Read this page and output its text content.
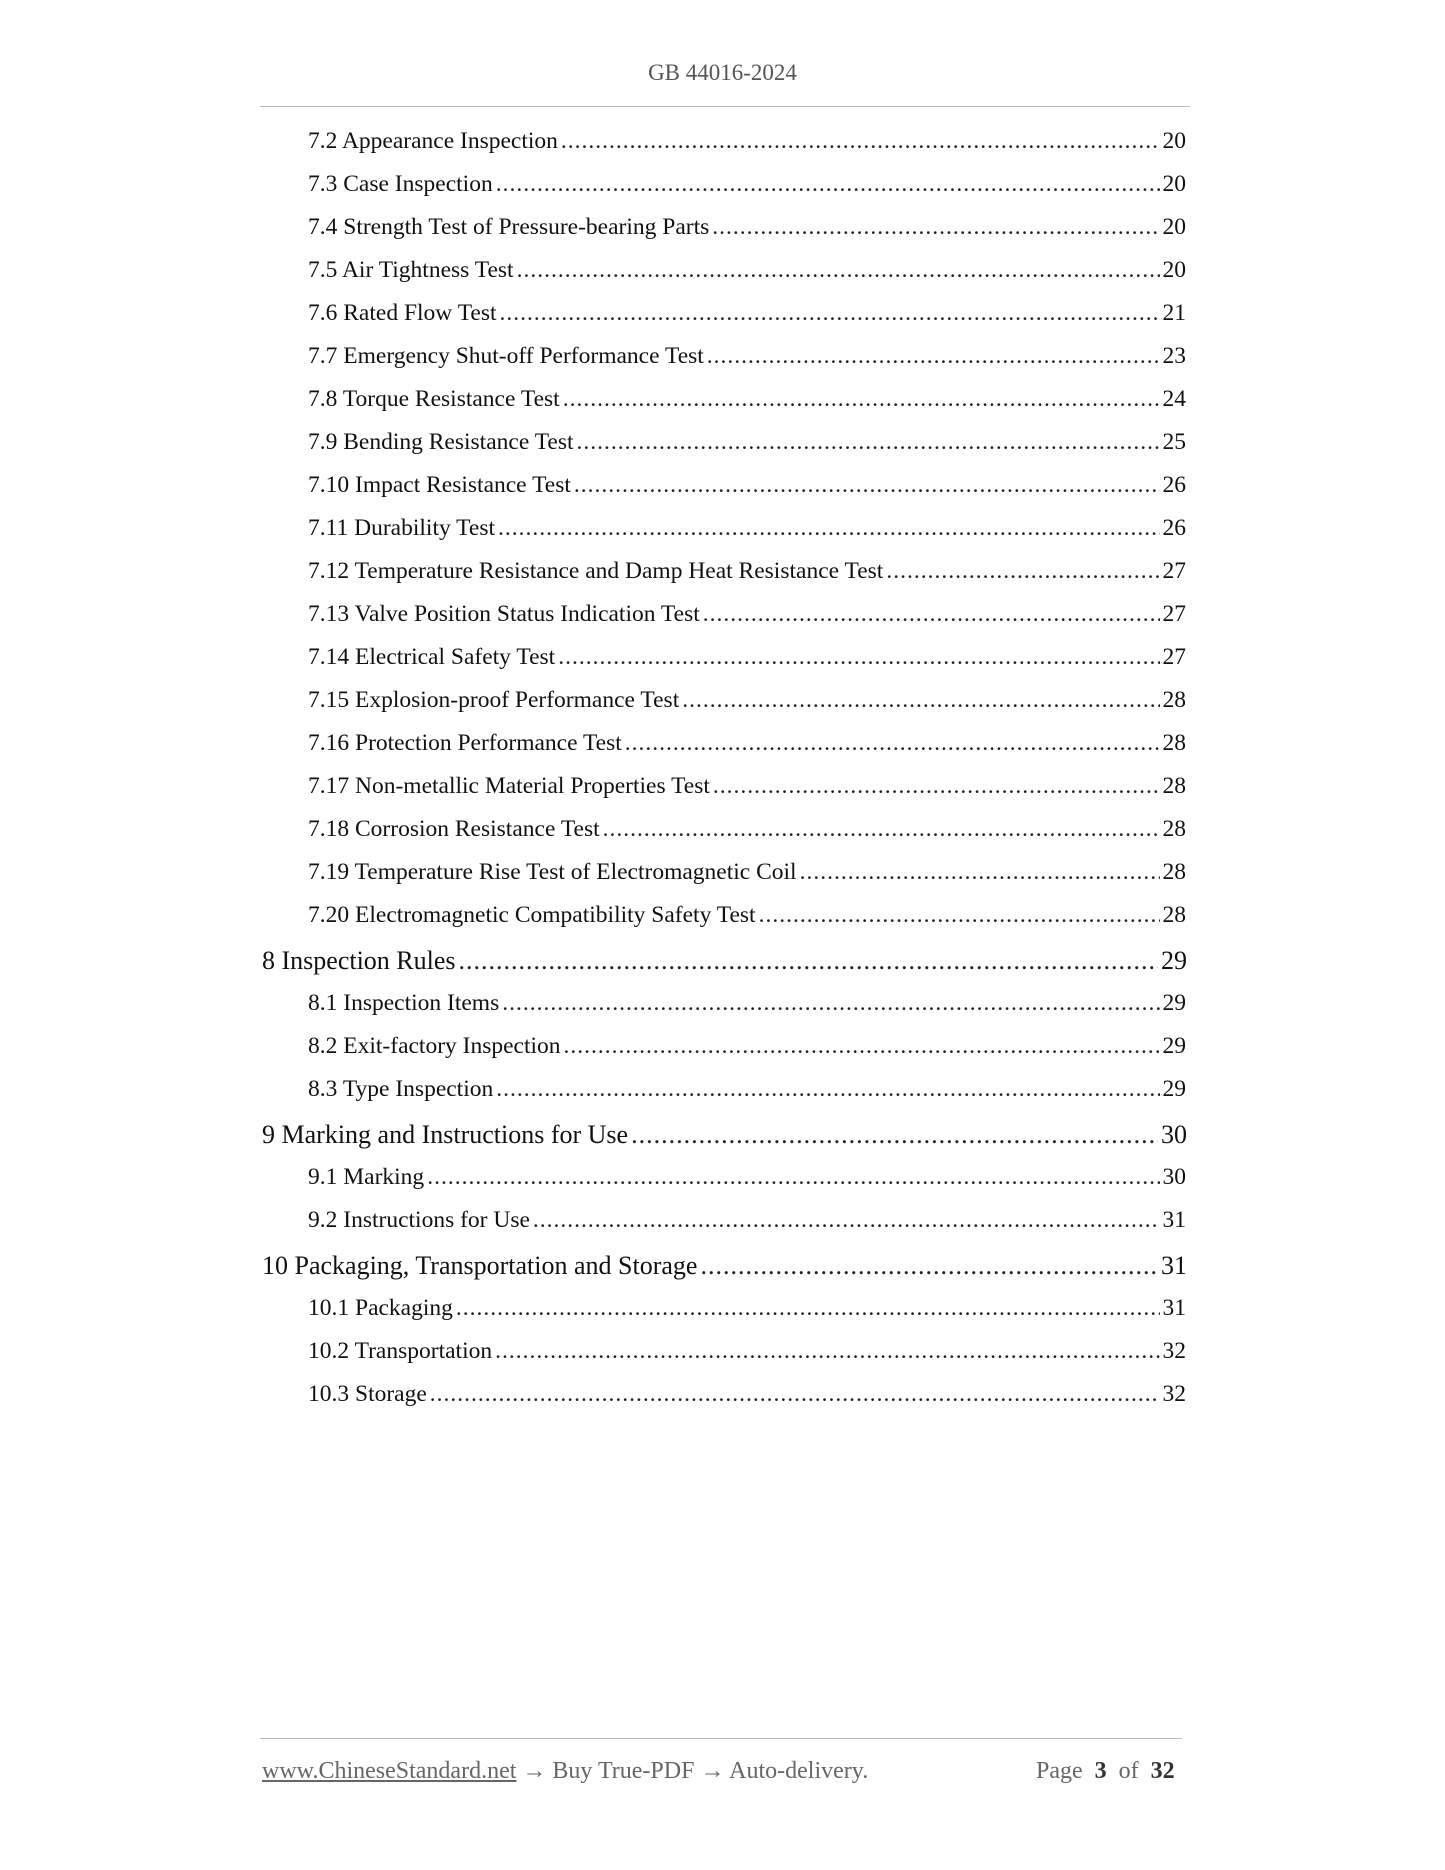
GB 44016-2024
7.2 Appearance Inspection .....	20
7.3 Case Inspection .....	20
7.4 Strength Test of Pressure-bearing Parts .....	20
7.5 Air Tightness Test .....	20
7.6 Rated Flow Test .....	21
7.7 Emergency Shut-off Performance Test .....	23
7.8 Torque Resistance Test .....	24
7.9 Bending Resistance Test .....	25
7.10 Impact Resistance Test .....	26
7.11 Durability Test .....	26
7.12 Temperature Resistance and Damp Heat Resistance Test .....	27
7.13 Valve Position Status Indication Test .....	27
7.14 Electrical Safety Test .....	27
7.15 Explosion-proof Performance Test .....	28
7.16 Protection Performance Test .....	28
7.17 Non-metallic Material Properties Test .....	28
7.18 Corrosion Resistance Test .....	28
7.19 Temperature Rise Test of Electromagnetic Coil .....	28
7.20 Electromagnetic Compatibility Safety Test .....	28
8 Inspection Rules .....	29
8.1 Inspection Items .....	29
8.2 Exit-factory Inspection .....	29
8.3 Type Inspection .....	29
9 Marking and Instructions for Use .....	30
9.1 Marking .....	30
9.2 Instructions for Use .....	31
10 Packaging, Transportation and Storage .....	31
10.1 Packaging .....	31
10.2 Transportation .....	32
10.3 Storage .....	32
www.ChineseStandard.net → Buy True-PDF → Auto-delivery.	Page 3 of 32
